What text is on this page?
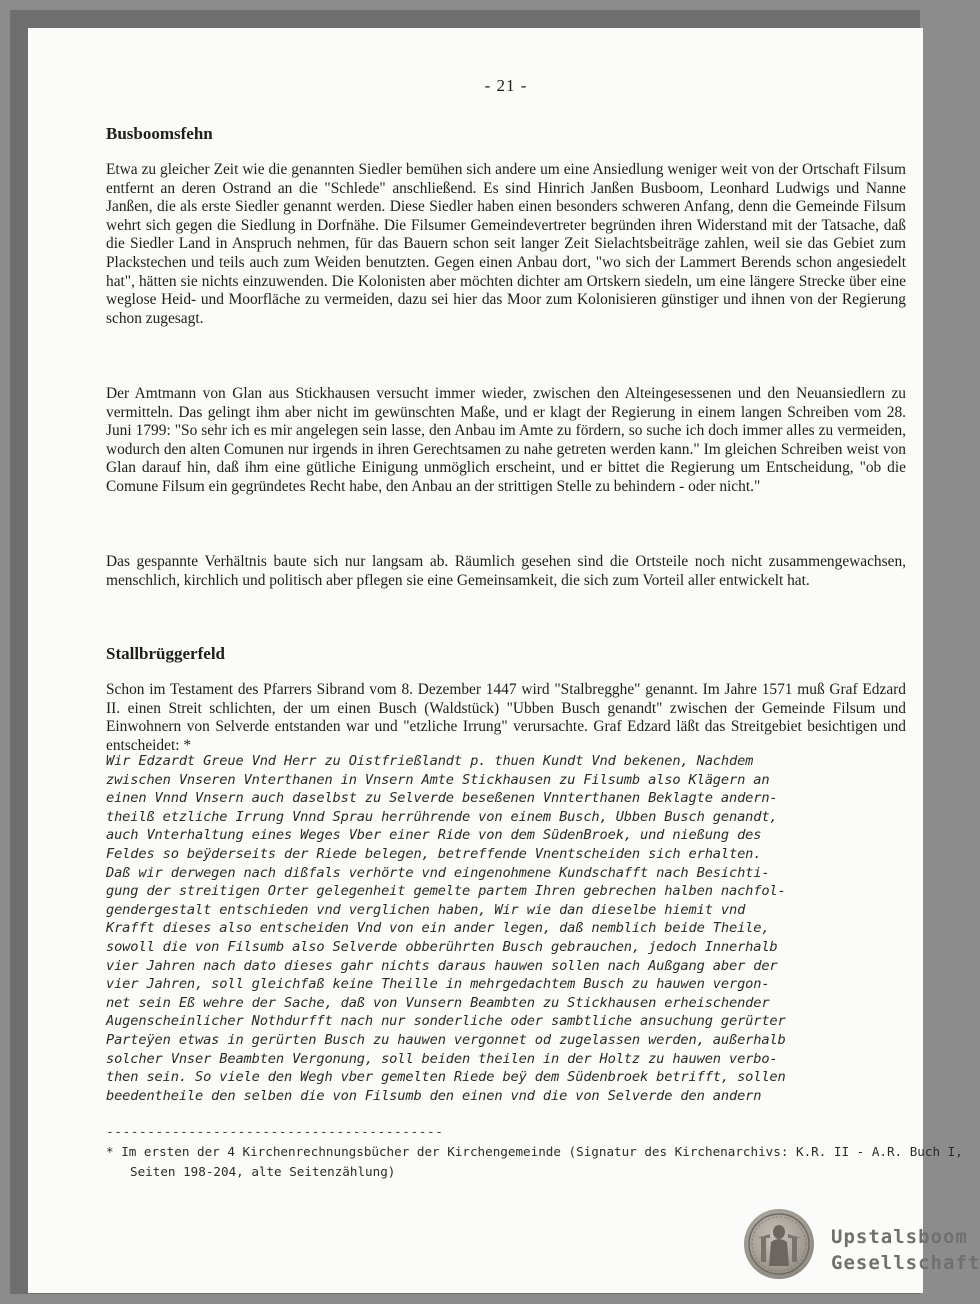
- 21 -
Busboomsfehn

Etwa zu gleicher Zeit wie die genannten Siedler bemühen sich andere um eine Ansiedlung weniger weit von der Ortschaft Filsum entfernt an deren Ostrand an die "Schlede" anschließend. Es sind Hinrich Janßen Busboom, Leonhard Ludwigs und Nanne Janßen, die als erste Siedler genannt werden. Diese Siedler haben einen besonders schweren Anfang, denn die Gemeinde Filsum wehrt sich gegen die Siedlung in Dorfnähe. Die Filsumer Gemeindevertreter begründen ihren Widerstand mit der Tatsache, daß die Siedler Land in Anspruch nehmen, für das Bauern schon seit langer Zeit Sielachtsbeiträge zahlen, weil sie das Gebiet zum Plackstechen und teils auch zum Weiden benutzten. Gegen einen Anbau dort, "wo sich der Lammert Berends schon angesiedelt hat", hätten sie nichts einzuwenden. Die Kolonisten aber möchten dichter am Ortskern siedeln, um eine längere Strecke über eine weglose Heid- und Moorfläche zu vermeiden, dazu sei hier das Moor zum Kolonisieren günstiger und ihnen von der Regierung schon zugesagt.

Der Amtmann von Glan aus Stickhausen versucht immer wieder, zwischen den Alteingesessenen und den Neuansiedlern zu vermitteln. Das gelingt ihm aber nicht im gewünschten Maße, und er klagt der Regierung in einem langen Schreiben vom 28. Juni 1799: "So sehr ich es mir angelegen sein lasse, den Anbau im Amte zu fördern, so suche ich doch immer alles zu vermeiden, wodurch den alten Comunen nur irgends in ihren Gerechtsamen zu nahe getreten werden kann." Im gleichen Schreiben weist von Glan darauf hin, daß ihm eine gütliche Einigung unmöglich erscheint, und er bittet die Regierung um Entscheidung, "ob die Comune Filsum ein gegründetes Recht habe, den Anbau an der strittigen Stelle zu behindern - oder nicht."

Das gespannte Verhältnis baute sich nur langsam ab. Räumlich gesehen sind die Ortsteile noch nicht zusammengewachsen, menschlich, kirchlich und politisch aber pflegen sie eine Gemeinsamkeit, die sich zum Vorteil aller entwickelt hat.

Stallbrüggerfeld

Schon im Testament des Pfarrers Sibrand vom 8. Dezember 1447 wird "Stalbregghe" genannt. Im Jahre 1571 muß Graf Edzard II. einen Streit schlichten, der um einen Busch (Waldstück) "Ubben Busch genandt" zwischen der Gemeinde Filsum und Einwohnern von Selverde entstanden war und "etzliche Irrung" verursachte. Graf Edzard läßt das Streitgebiet besichtigen und entscheidet: *

Wir Edzardt Greue Vnd Herr zu Oistfrießlandt p. thuen Kundt Vnd bekenen, Nachdem
zwischen Vnseren Vnterthanen in Vnsern Amte Stickhausen zu Filsumb also Klägern an
einen Vnnd Vnsern auch daselbst zu Selverde beseßenen Vnnterthanen Beklagte andern-
theilß etzliche Irrung Vnnd Sprau herrührende von einem Busch, Ubben Busch genandt,
auch Vnterhaltung eines Weges Vber einer Ride von dem SüdenBroek, und nießung des
Feldes so beÿderseits der Riede belegen, betreffende Vnentscheiden sich erhalten.
Daß wir derwegen nach dißfals verhörte vnd eingenohmene Kundschafft nach Besichti-
gung der streitigen Orter gelegenheit gemelte partem Ihren gebrechen halben nachfol-
gendergestalt entschieden vnd verglichen haben, Wir wie dan dieselbe hiemit vnd
Krafft dieses also entscheiden Vnd von ein ander legen, daß nemblich beide Theile,
sowoll die von Filsumb also Selverde obberührten Busch gebrauchen, jedoch Innerhalb
vier Jahren nach dato dieses gahr nichts daraus hauwen sollen nach Außgang aber der
vier Jahren, soll gleichfaß keine Theille in mehrgedachtem Busch zu hauwen vergon-
net sein Eß wehre der Sache, daß von Vunsern Beambten zu Stickhausen erheischender
Augenscheinlicher Nothdurfft nach nur sonderliche oder sambtliche ansuchung gerürter
Parteÿen etwas in gerürten Busch zu hauwen vergonnet od zugelassen werden, außerhalb
solcher Vnser Beambten Vergonung, soll beiden theilen in der Holtz zu hauwen verbo-
then sein. So viele den Wegh vber gemelten Riede beÿ dem Südenbroek betrifft, sollen
beedentheile den selben die von Filsumb den einen vnd die von Selverde den andern
-----------------------------------------
* Im ersten der 4 Kirchenrechnungsbücher der Kirchengemeinde (Signatur des Kirchenarchivs: K.R. II - A.R. Buch I,
Seiten 198-204, alte Seitenzählung)
Upstalsboom
Gesellschaft
